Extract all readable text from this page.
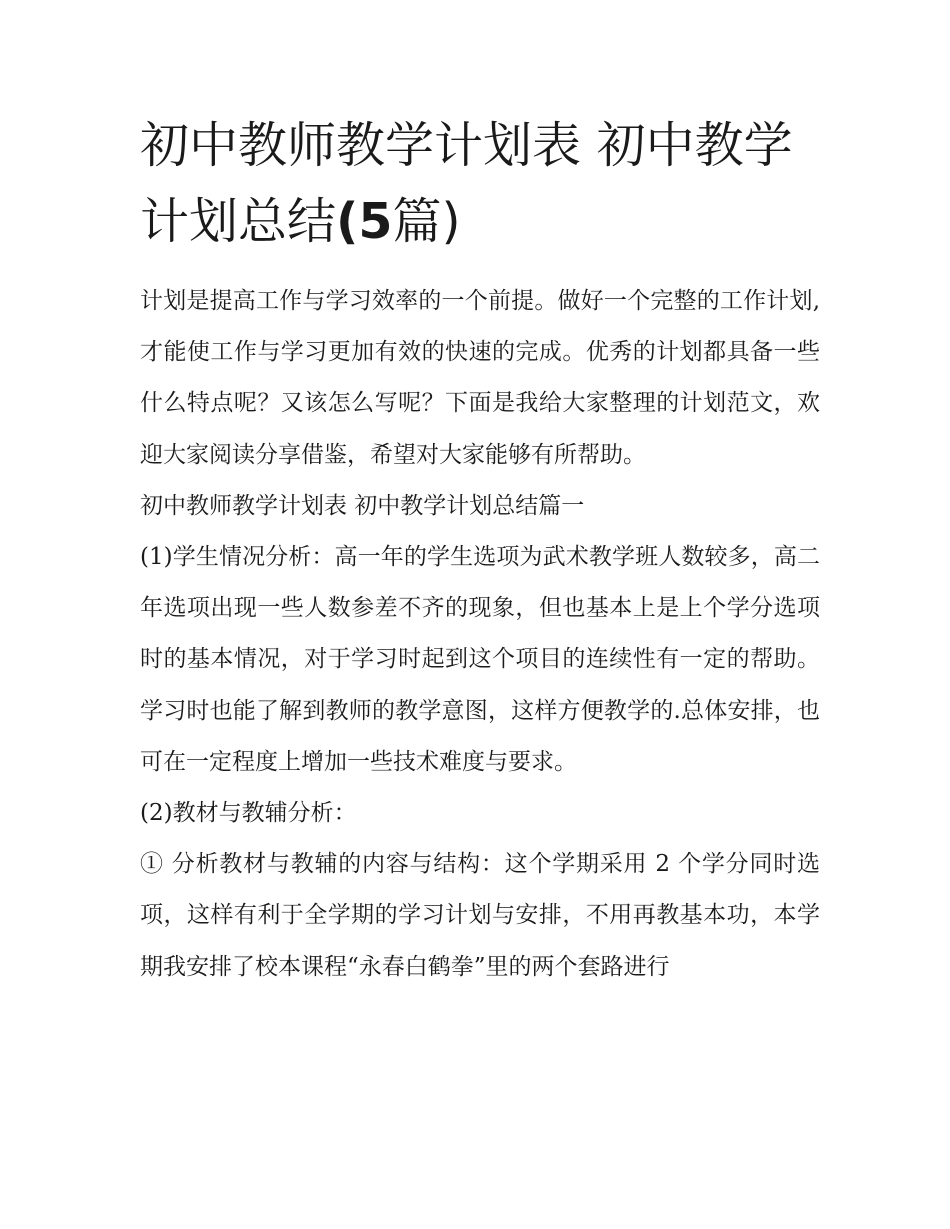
初中教师教学计划表 初中教学
计划总结(5篇)

计划是提高工作与学习效率的一个前提。做好一个完整的工作计划,才能使工作与学习更加有效的快速的完成。优秀的计划都具备一些什么特点呢？又该怎么写呢？下面是我给大家整理的计划范文，欢迎大家阅读分享借鉴，希望对大家能够有所帮助。

初中教师教学计划表 初中教学计划总结篇一

(1)学生情况分析：高一年的学生选项为武术教学班人数较多，高二年选项出现一些人数参差不齐的现象，但也基本上是上个学分选项时的基本情况，对于学习时起到这个项目的连续性有一定的帮助。学习时也能了解到教师的教学意图，这样方便教学的.总体安排，也可在一定程度上增加一些技术难度与要求。

(2)教材与教辅分析：

① 分析教材与教辅的内容与结构：这个学期采用 2 个学分同时选项，这样有利于全学期的学习计划与安排，不用再教基本功，本学期我安排了校本课程“永春白鹤拳”里的两个套路进行
